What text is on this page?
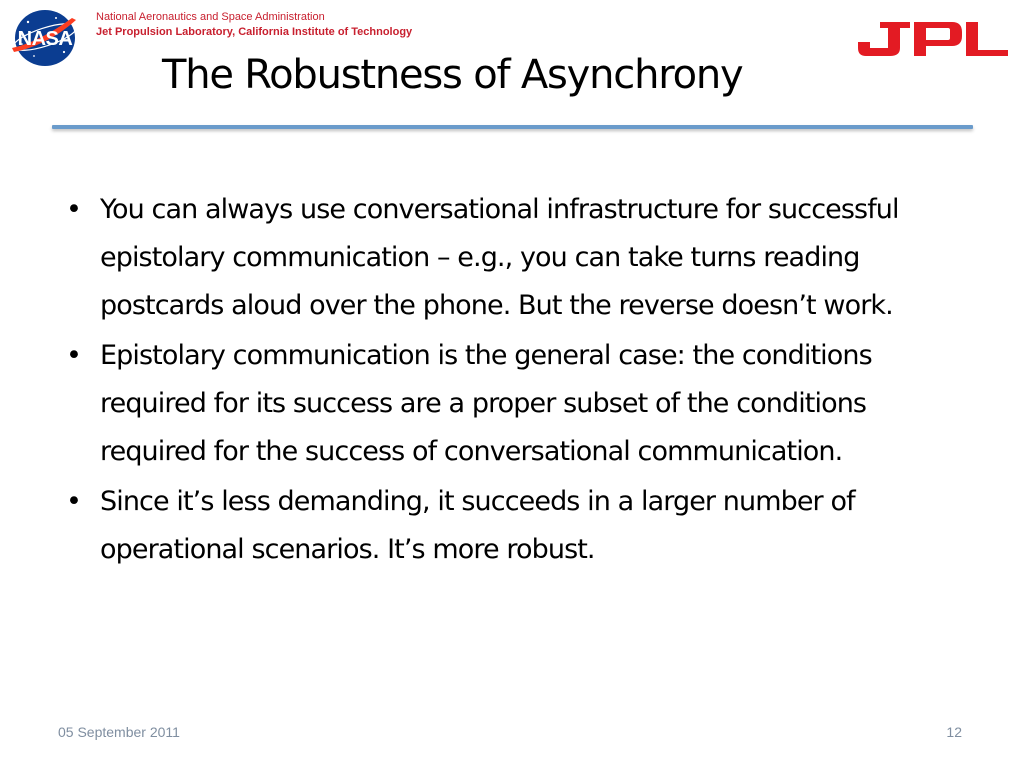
NASA
National Aeronautics and Space Administration
Jet Propulsion Laboratory, California Institute of Technology
The Robustness of Asynchrony
• You can always use conversational infrastructure for successful epistolary communication – e.g., you can take turns reading postcards aloud over the phone. But the reverse doesn’t work.
• Epistolary communication is the general case: the conditions required for its success are a proper subset of the conditions required for the success of conversational communication.
• Since it’s less demanding, it succeeds in a larger number of operational scenarios. It’s more robust.
05 September 2011	12
